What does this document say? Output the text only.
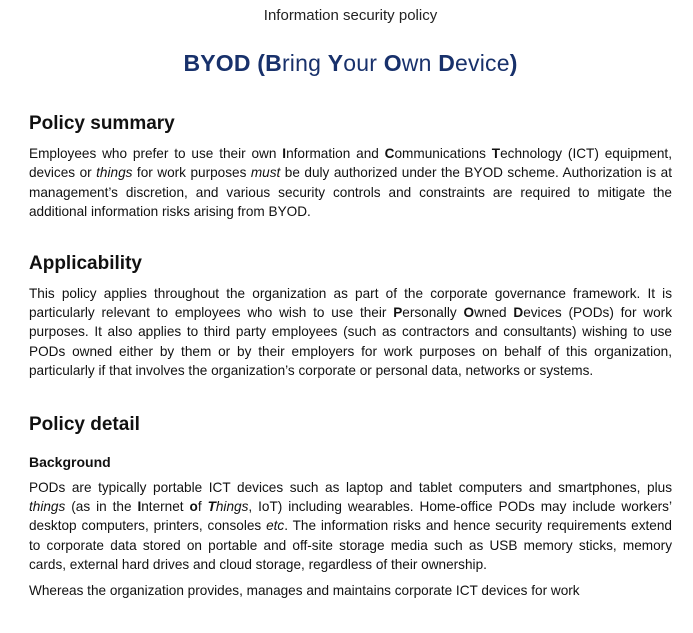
Information security policy
BYOD (Bring Your Own Device)
Policy summary

Employees who prefer to use their own Information and Communications Technology (ICT) equipment, devices or things for work purposes must be duly authorized under the BYOD scheme. Authorization is at management’s discretion, and various security controls and constraints are required to mitigate the additional information risks arising from BYOD.

Applicability

This policy applies throughout the organization as part of the corporate governance framework. It is particularly relevant to employees who wish to use their Personally Owned Devices (PODs) for work purposes. It also applies to third party employees (such as contractors and consultants) wishing to use PODs owned either by them or by their employers for work purposes on behalf of this organization, particularly if that involves the organization’s corporate or personal data, networks or systems.

Policy detail
Background

PODs are typically portable ICT devices such as laptop and tablet computers and smartphones, plus things (as in the Internet of Things, IoT) including wearables. Home-office PODs may include workers’ desktop computers, printers, consoles etc. The information risks and hence security requirements extend to corporate data stored on portable and off-site storage media such as USB memory sticks, memory cards, external hard drives and cloud storage, regardless of their ownership.

Whereas the organization provides, manages and maintains corporate ICT devices for work
